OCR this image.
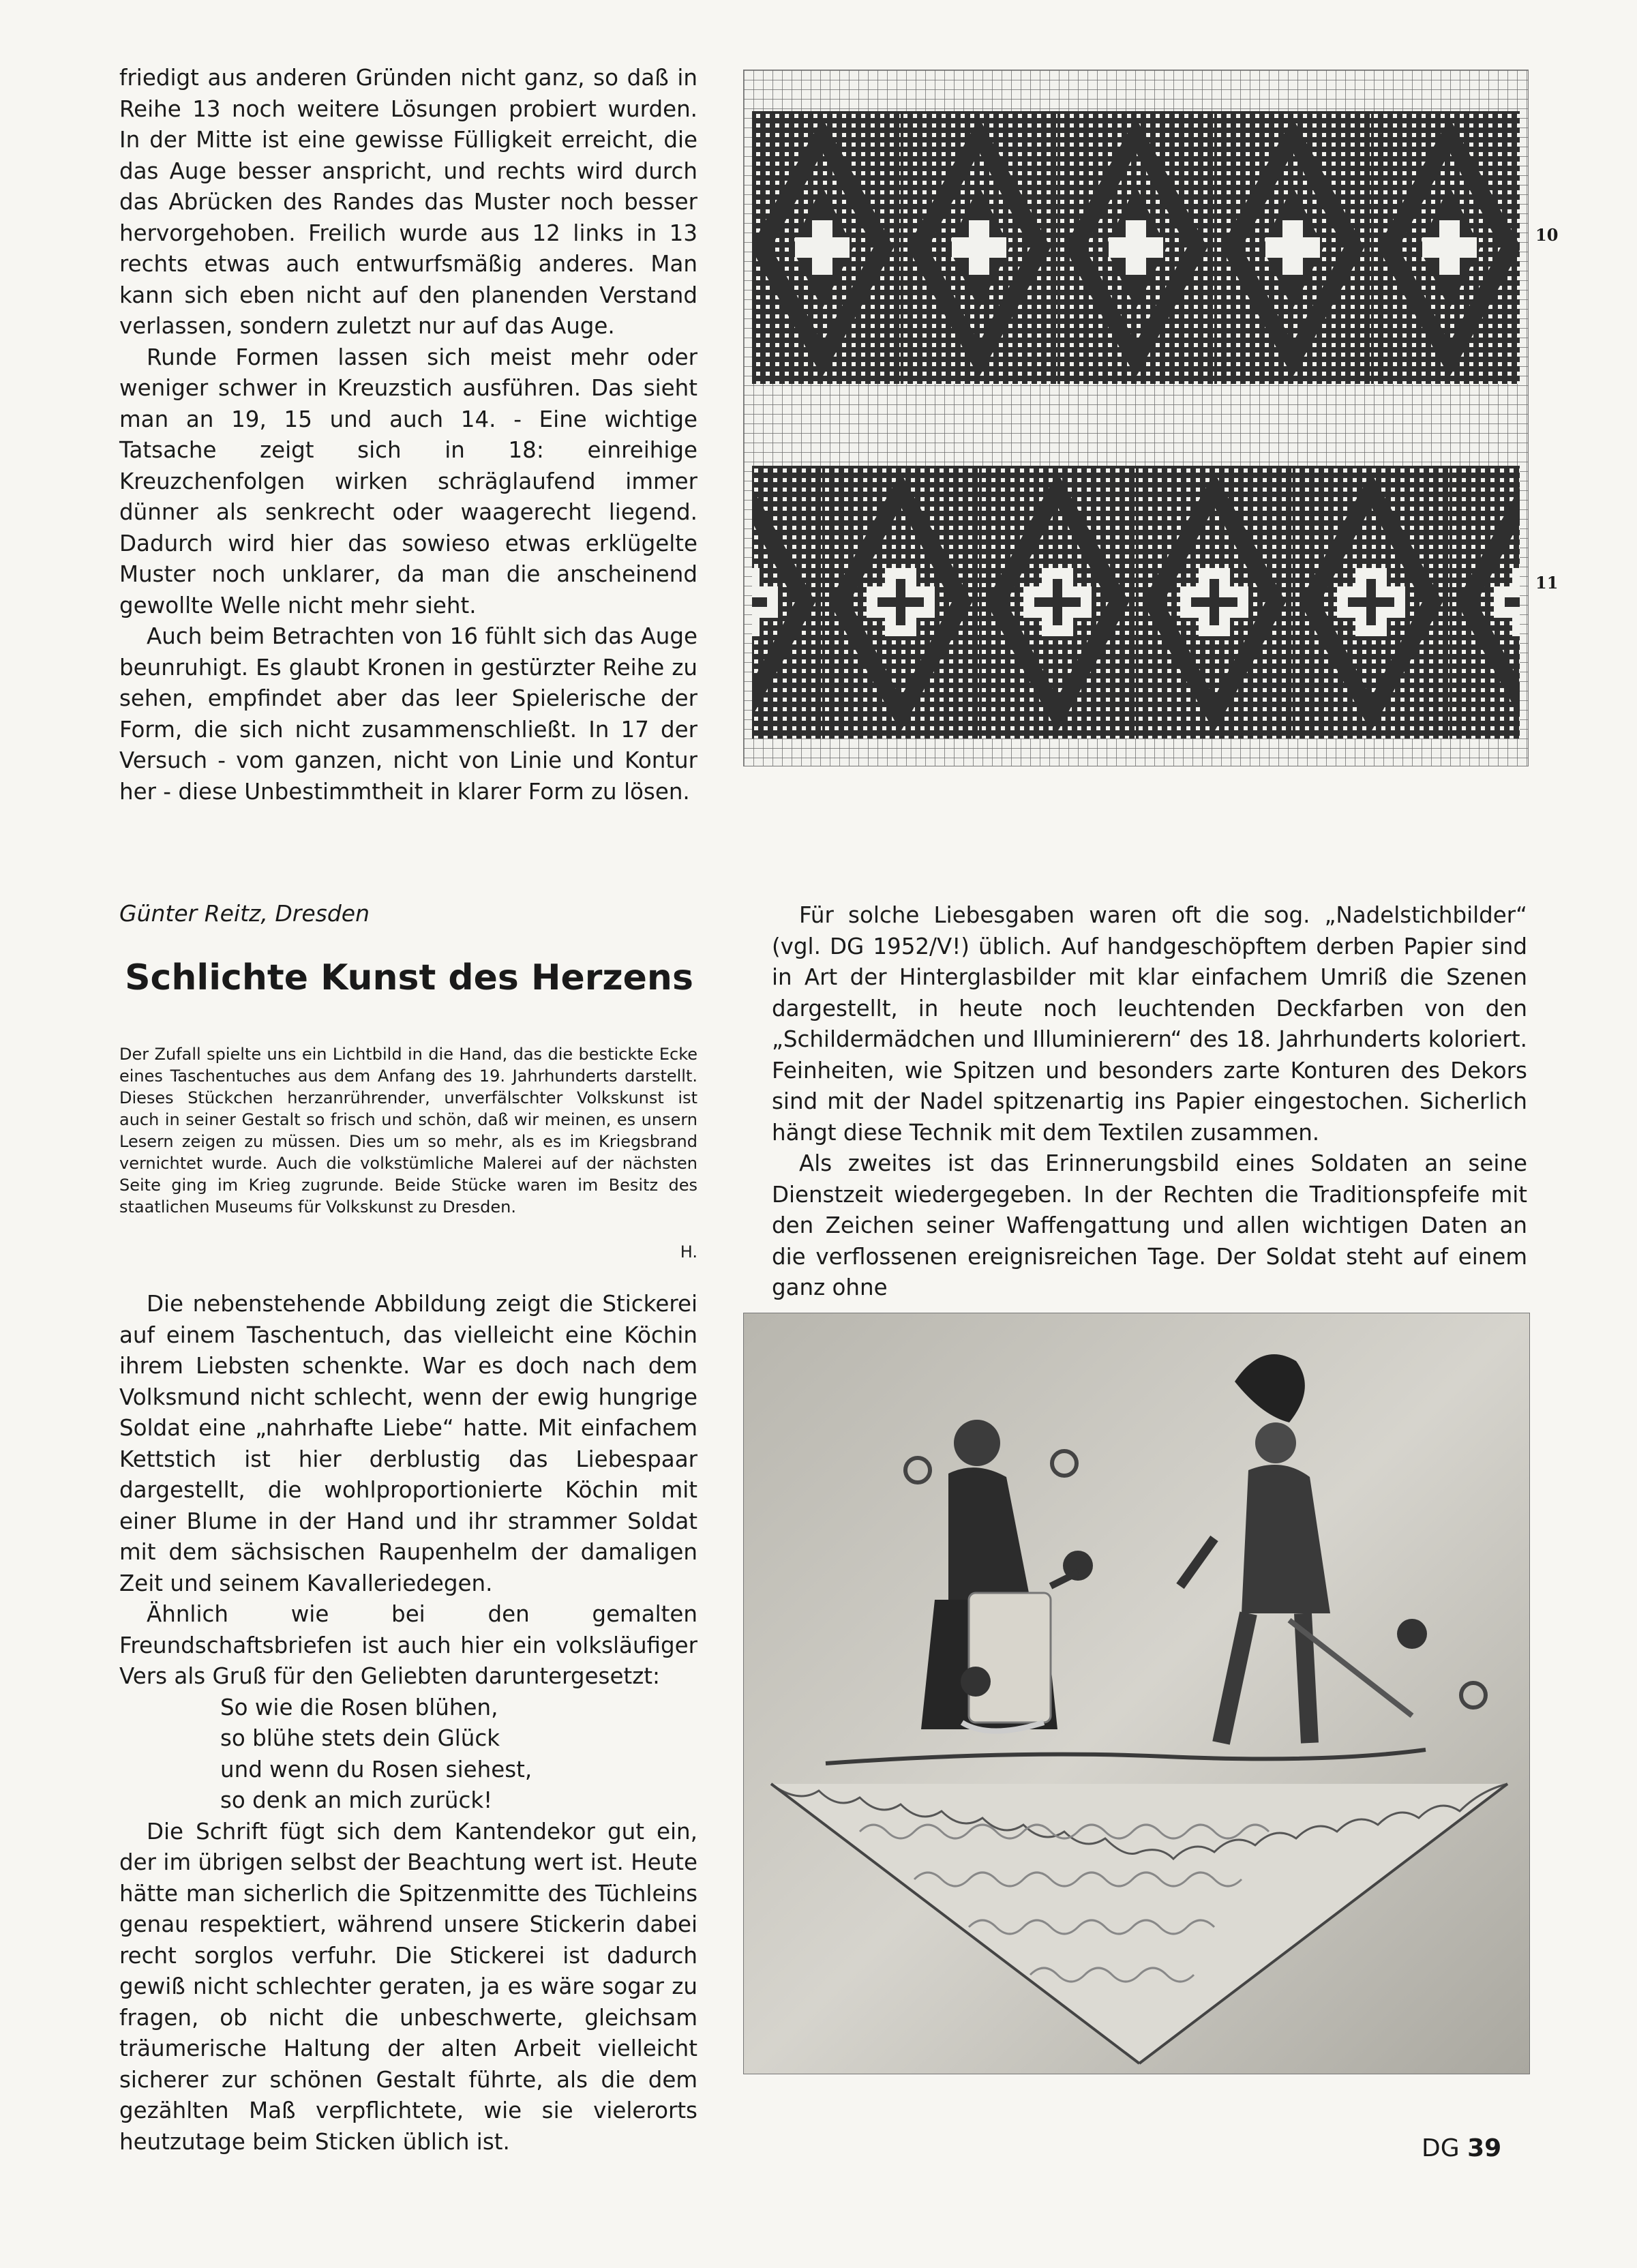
friedigt aus anderen Gründen nicht ganz, so daß in Reihe 13 noch weitere Lösungen probiert wurden. In der Mitte ist eine gewisse Fülligkeit erreicht, die das Auge besser anspricht, und rechts wird durch das Abrücken des Randes das Muster noch besser hervorgehoben. Freilich wurde aus 12 links in 13 rechts etwas auch entwurfsmäßig anderes. Man kann sich eben nicht auf den planenden Verstand verlassen, sondern zuletzt nur auf das Auge.

Runde Formen lassen sich meist mehr oder weniger schwer in Kreuzstich ausführen. Das sieht man an 19, 15 und auch 14. - Eine wichtige Tatsache zeigt sich in 18: einreihige Kreuzchenfolgen wirken schräglaufend immer dünner als senkrecht oder waagerecht liegend. Dadurch wird hier das sowieso etwas erklügelte Muster noch unklarer, da man die anscheinend gewollte Welle nicht mehr sieht.

Auch beim Betrachten von 16 fühlt sich das Auge beunruhigt. Es glaubt Kronen in gestürzter Reihe zu sehen, empfindet aber das leer Spielerische der Form, die sich nicht zusammenschließt. In 17 der Versuch - vom ganzen, nicht von Linie und Kontur her - diese Unbestimmtheit in klarer Form zu lösen.

10
11
Günter Reitz, Dresden
Schlichte Kunst des Herzens

Der Zufall spielte uns ein Lichtbild in die Hand, das die bestickte Ecke eines Taschentuches aus dem Anfang des 19. Jahrhunderts darstellt. Dieses Stückchen herzanrührender, unverfälschter Volkskunst ist auch in seiner Gestalt so frisch und schön, daß wir meinen, es unsern Lesern zeigen zu müssen. Dies um so mehr, als es im Kriegsbrand vernichtet wurde. Auch die volkstümliche Malerei auf der nächsten Seite ging im Krieg zugrunde. Beide Stücke waren im Besitz des staatlichen Museums für Volkskunst zu Dresden.

H.

Die nebenstehende Abbildung zeigt die Stickerei auf einem Taschentuch, das vielleicht eine Köchin ihrem Liebsten schenkte. War es doch nach dem Volksmund nicht schlecht, wenn der ewig hungrige Soldat eine „nahrhafte Liebe“ hatte. Mit einfachem Kettstich ist hier derblustig das Liebespaar dargestellt, die wohlproportionierte Köchin mit einer Blume in der Hand und ihr strammer Soldat mit dem sächsischen Raupenhelm der damaligen Zeit und seinem Kavalleriedegen.

Ähnlich wie bei den gemalten Freundschaftsbriefen ist auch hier ein volksläufiger Vers als Gruß für den Geliebten daruntergesetzt:

So wie die Rosen blühen,

so blühe stets dein Glück

und wenn du Rosen siehest,

so denk an mich zurück!

Die Schrift fügt sich dem Kantendekor gut ein, der im übrigen selbst der Beachtung wert ist. Heute hätte man sicherlich die Spitzenmitte des Tüchleins genau respektiert, während unsere Stickerin dabei recht sorglos verfuhr. Die Stickerei ist dadurch gewiß nicht schlechter geraten, ja es wäre sogar zu fragen, ob nicht die unbeschwerte, gleichsam träumerische Haltung der alten Arbeit vielleicht sicherer zur schönen Gestalt führte, als die dem gezählten Maß verpflichtete, wie sie vielerorts heutzutage beim Sticken üblich ist.

Für solche Liebesgaben waren oft die sog. „Nadelstichbilder“ (vgl. DG 1952/V!) üblich. Auf handgeschöpftem derben Papier sind in Art der Hinterglasbilder mit klar einfachem Umriß die Szenen dargestellt, in heute noch leuchtenden Deckfarben von den „Schildermädchen und Illuminierern“ des 18. Jahrhunderts koloriert. Feinheiten, wie Spitzen und besonders zarte Konturen des Dekors sind mit der Nadel spitzenartig ins Papier eingestochen. Sicherlich hängt diese Technik mit dem Textilen zusammen.

Als zweites ist das Erinnerungsbild eines Soldaten an seine Dienstzeit wiedergegeben. In der Rechten die Traditionspfeife mit den Zeichen seiner Waffengattung und allen wichtigen Daten an die verflossenen ereignisreichen Tage. Der Soldat steht auf einem ganz ohne

DG 39
